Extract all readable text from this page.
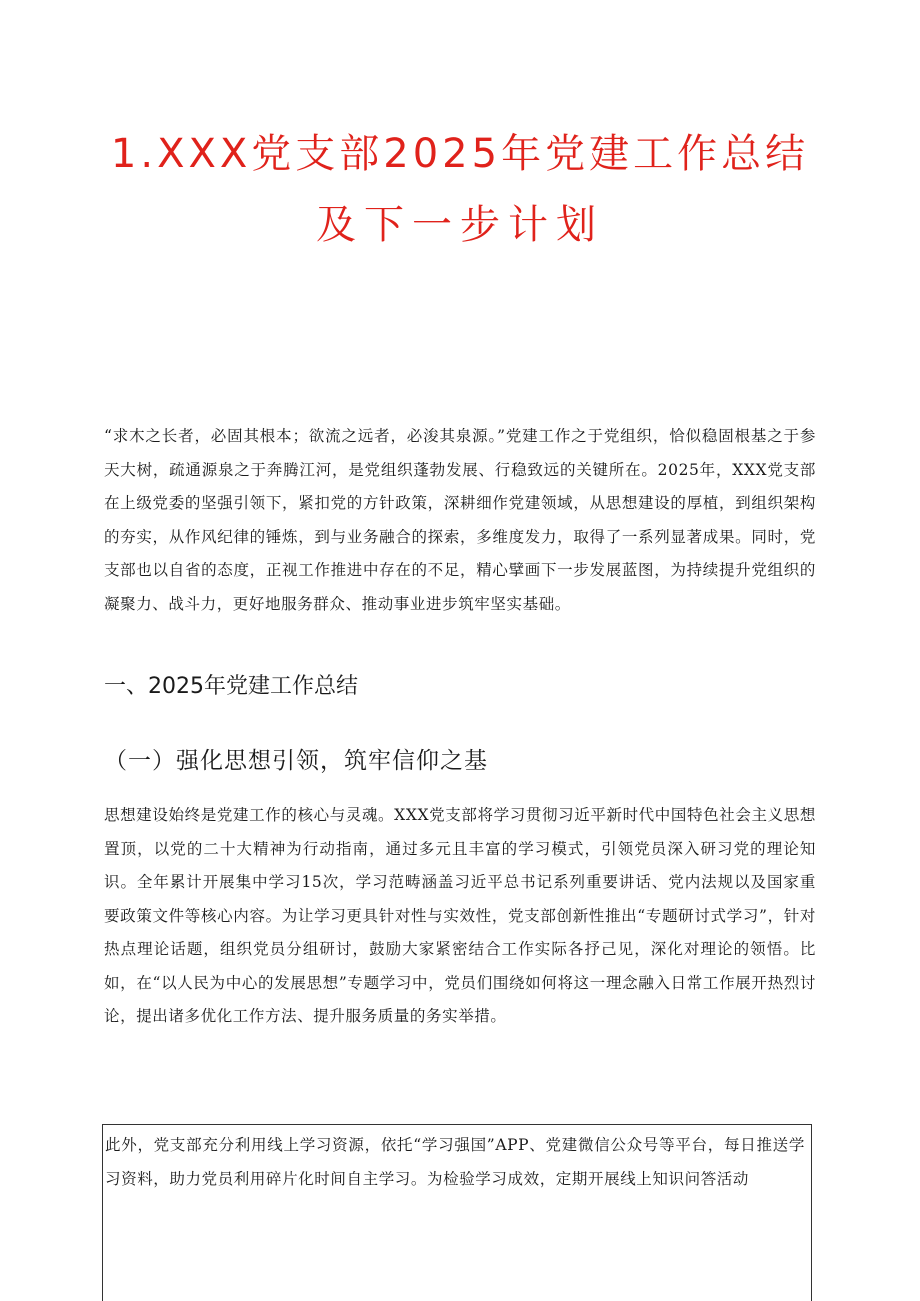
1.XXX党支部2025年党建工作总结
及下一步计划
“求木之长者，必固其根本；欲流之远者，必浚其泉源。”党建工作之于党组织，恰似稳固根基之于参天大树，疏通源泉之于奔腾江河，是党组织蓬勃发展、行稳致远的关键所在。2025年，XXX党支部在上级党委的坚强引领下，紧扣党的方针政策，深耕细作党建领域，从思想建设的厚植，到组织架构的夯实，从作风纪律的锤炼，到与业务融合的探索，多维度发力，取得了一系列显著成果。同时，党支部也以自省的态度，正视工作推进中存在的不足，精心擘画下一步发展蓝图，为持续提升党组织的凝聚力、战斗力，更好地服务群众、推动事业进步筑牢坚实基础。
一、2025年党建工作总结
（一）强化思想引领，筑牢信仰之基
思想建设始终是党建工作的核心与灵魂。XXX党支部将学习贯彻习近平新时代中国特色社会主义思想置顶，以党的二十大精神为行动指南，通过多元且丰富的学习模式，引领党员深入研习党的理论知识。全年累计开展集中学习15次，学习范畴涵盖习近平总书记系列重要讲话、党内法规以及国家重要政策文件等核心内容。为让学习更具针对性与实效性，党支部创新性推出“专题研讨式学习”，针对热点理论话题，组织党员分组研讨，鼓励大家紧密结合工作实际各抒己见，深化对理论的领悟。比如，在“以人民为中心的发展思想”专题学习中，党员们围绕如何将这一理念融入日常工作展开热烈讨论，提出诸多优化工作方法、提升服务质量的务实举措。
此外，党支部充分利用线上学习资源，依托“学习强国”APP、党建微信公众号等平台，每日推送学习资料，助力党员利用碎片化时间自主学习。为检验学习成效，定期开展线上知识问答活动
